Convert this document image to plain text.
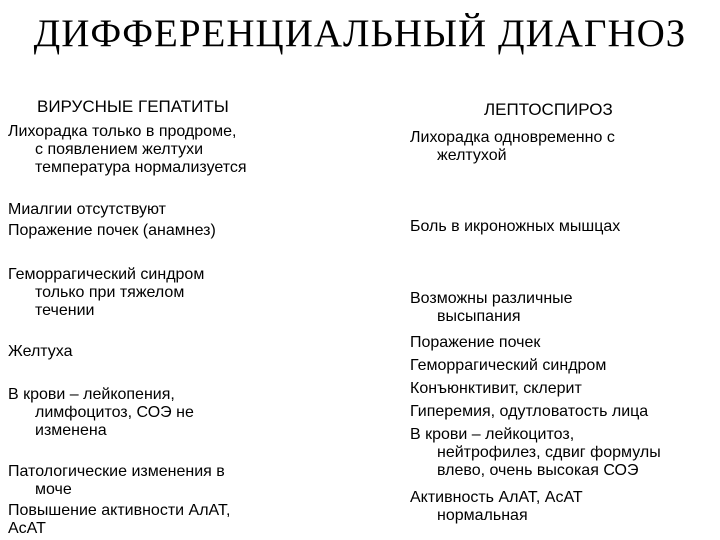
ДИФФЕРЕНЦИАЛЬНЫЙ ДИАГНОЗ
ВИРУСНЫЕ ГЕПАТИТЫ	ЛЕПТОСПИРОЗ
Лихорадка только в продроме,
с появлением желтухи
температура нормализуется
Миалгии отсутствуют
Поражение почек (анамнез)
Геморрагический синдром
только при тяжелом
течении
Желтуха
В крови – лейкопения,
лимфоцитоз, СОЭ не
изменена
Патологические изменения в
моче
Повышение активности АлАТ,
АсАТ
Лихорадка одновременно с
желтухой
Боль в икроножных мышцах
Возможны различные
высыпания
Поражение почек
Геморрагический синдром
Конъюнктивит, склерит
Гиперемия, одутловатость лица
В крови – лейкоцитоз,
нейтрофилез, сдвиг формулы
влево, очень высокая СОЭ
Активность АлАТ, АсАТ
нормальная
